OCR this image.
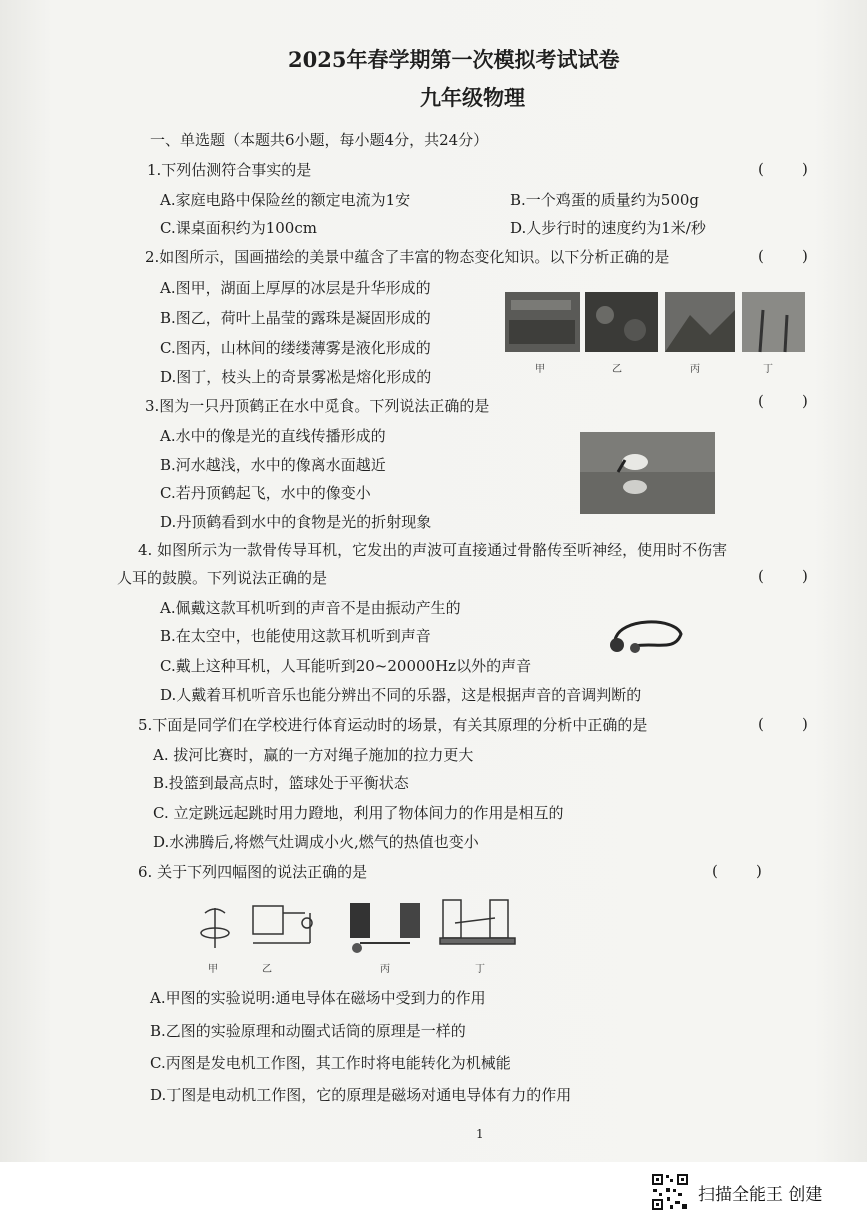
2025年春学期第一次模拟考试试卷
九年级物理
一、单选题（本题共6小题，每小题4分，共24分）
1.下列估测符合事实的是	(        )
A.家庭电路中保险丝的额定电流为1安	B.一个鸡蛋的质量约为500g
C.课桌面积约为100cm	D.人步行时的速度约为1米/秒
2.如图所示，国画描绘的美景中蕴含了丰富的物态变化知识。以下分析正确的是	(        )
A.图甲，湖面上厚厚的冰层是升华形成的
B.图乙，荷叶上晶莹的露珠是凝固形成的
C.图丙，山林间的缕缕薄雾是液化形成的
D.图丁，枝头上的奇景雾凇是熔化形成的	甲	乙	丙	丁
3.图为一只丹顶鹤正在水中觅食。下列说法正确的是	(        )
A.水中的像是光的直线传播形成的
B.河水越浅，水中的像离水面越近
C.若丹顶鹤起飞，水中的像变小
D.丹顶鹤看到水中的食物是光的折射现象
4. 如图所示为一款骨传导耳机，它发出的声波可直接通过骨骼传至听神经，使用时不伤害
人耳的鼓膜。下列说法正确的是	(        )
A.佩戴这款耳机听到的声音不是由振动产生的
B.在太空中，也能使用这款耳机听到声音
C.戴上这种耳机，人耳能听到20~20000Hz以外的声音
D.人戴着耳机听音乐也能分辨出不同的乐器，这是根据声音的音调判断的
5.下面是同学们在学校进行体育运动时的场景，有关其原理的分析中正确的是	(        )
A. 拔河比赛时，赢的一方对绳子施加的拉力更大
B.投篮到最高点时，篮球处于平衡状态
C. 立定跳远起跳时用力蹬地，利用了物体间力的作用是相互的
D.水沸腾后,将燃气灶调成小火,燃气的热值也变小
6. 关于下列四幅图的说法正确的是	(        )
甲	乙	丙	丁
A.甲图的实验说明:通电导体在磁场中受到力的作用
B.乙图的实验原理和动圈式话筒的原理是一样的
C.丙图是发电机工作图，其工作时将电能转化为机械能
D.丁图是电动机工作图，它的原理是磁场对通电导体有力的作用
1
扫描全能王 创建
